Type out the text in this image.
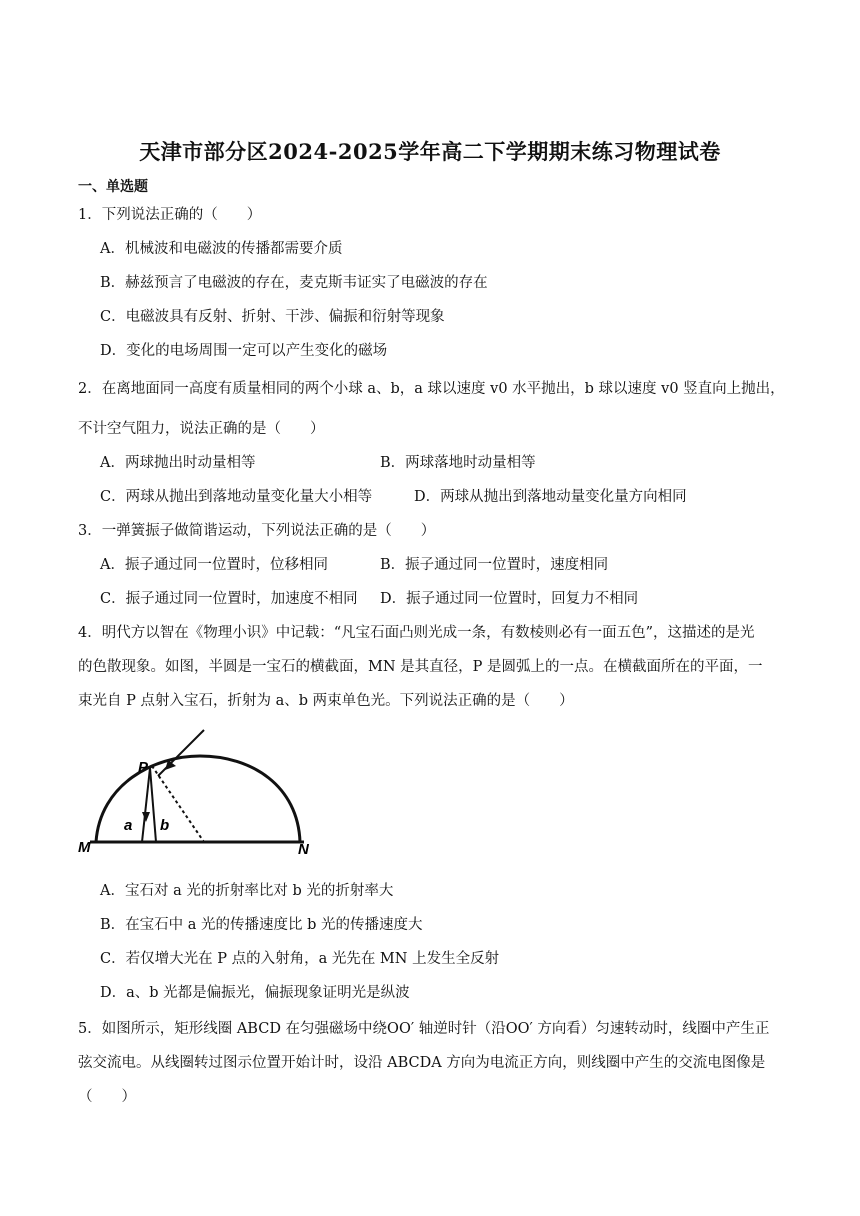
天津市部分区2024-2025学年高二下学期期末练习物理试卷
一、单选题
1．下列说法正确的（　　）
A．机械波和电磁波的传播都需要介质
B．赫兹预言了电磁波的存在，麦克斯韦证实了电磁波的存在
C．电磁波具有反射、折射、干涉、偏振和衍射等现象
D．变化的电场周围一定可以产生变化的磁场
2．在离地面同一高度有质量相同的两个小球 a、b，a 球以速度 v0 水平抛出，b 球以速度 v0 竖直向上抛出，
不计空气阻力，说法正确的是（　　）
A．两球抛出时动量相等	B．两球落地时动量相等
C．两球从抛出到落地动量变化量大小相等	D．两球从抛出到落地动量变化量方向相同
3．一弹簧振子做简谐运动，下列说法正确的是（　　）
A．振子通过同一位置时，位移相同	B．振子通过同一位置时，速度相同
C．振子通过同一位置时，加速度不相同 D．振子通过同一位置时，回复力不相同
4．明代方以智在《物理小识》中记载：“凡宝石面凸则光成一条，有数棱则必有一面五色”，这描述的是光
的色散现象。如图，半圆是一宝石的横截面，MN 是其直径，P 是圆弧上的一点。在横截面所在的平面，一
束光自 P 点射入宝石，折射为 a、b 两束单色光。下列说法正确的是（　　）
P
M	N
a b
A．宝石对 a 光的折射率比对 b 光的折射率大
B．在宝石中 a 光的传播速度比 b 光的传播速度大
C．若仅增大光在 P 点的入射角，a 光先在 MN 上发生全反射
D．a、b 光都是偏振光，偏振现象证明光是纵波
5．如图所示，矩形线圈 ABCD 在匀强磁场中绕OO′ 轴逆时针（沿OO′ 方向看）匀速转动时，线圈中产生正
弦交流电。从线圈转过图示位置开始计时，设沿 ABCDA 方向为电流正方向，则线圈中产生的交流电图像是
（　　）
